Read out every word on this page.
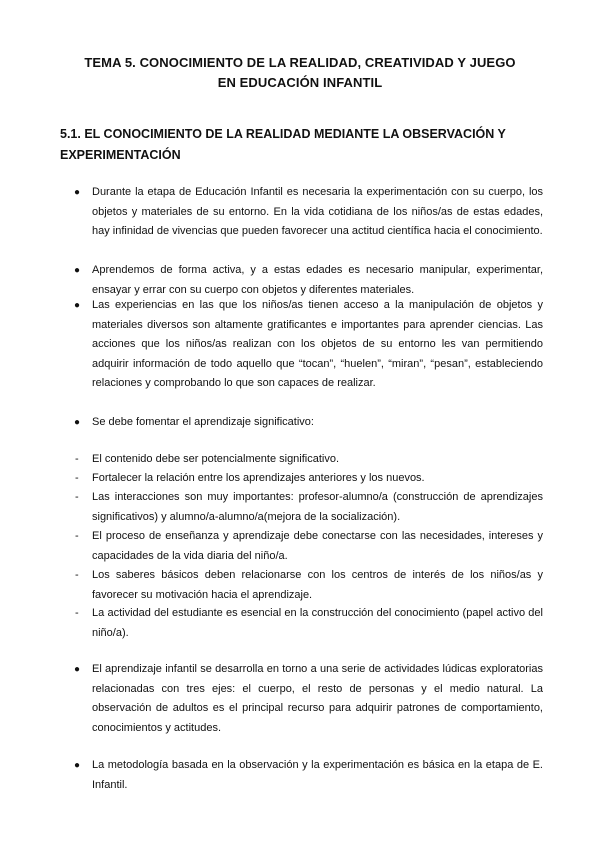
TEMA 5. CONOCIMIENTO DE LA REALIDAD, CREATIVIDAD Y JUEGO
EN EDUCACIÓN INFANTIL
5.1. EL CONOCIMIENTO DE LA REALIDAD MEDIANTE LA OBSERVACIÓN Y EXPERIMENTACIÓN
●	Durante la etapa de Educación Infantil es necesaria la experimentación con su cuerpo, los objetos y materiales de su entorno. En la vida cotidiana de los niños/as de estas edades, hay infinidad de vivencias que pueden favorecer una actitud científica hacia el conocimiento.
●	Aprendemos de forma activa, y a estas edades es necesario manipular, experimentar, ensayar y errar con su cuerpo con objetos y diferentes materiales.
●	Las experiencias en las que los niños/as tienen acceso a la manipulación de objetos y materiales diversos son altamente gratificantes e importantes para aprender ciencias. Las acciones que los niños/as realizan con los objetos de su entorno les van permitiendo adquirir información de todo aquello que “tocan”, “huelen”, “miran”, “pesan”, estableciendo relaciones y comprobando lo que son capaces de realizar.
●	Se debe fomentar el aprendizaje significativo:
-	El contenido debe ser potencialmente significativo.
-	Fortalecer la relación entre los aprendizajes anteriores y los nuevos.
-	Las interacciones son muy importantes: profesor-alumno/a (construcción de aprendizajes significativos) y alumno/a-alumno/a(mejora de la socialización).
-	El proceso de enseñanza y aprendizaje debe conectarse con las necesidades, intereses y capacidades de la vida diaria del niño/a.
-	Los saberes básicos deben relacionarse con los centros de interés de los niños/as y favorecer su motivación hacia el aprendizaje.
-	La actividad del estudiante es esencial en la construcción del conocimiento (papel activo del niño/a).
●	El aprendizaje infantil se desarrolla en torno a una serie de actividades lúdicas exploratorias relacionadas con tres ejes: el cuerpo, el resto de personas y el medio natural. La observación de adultos es el principal recurso para adquirir patrones de comportamiento, conocimientos y actitudes.
●	La metodología basada en la observación y la experimentación es básica en la etapa de E. Infantil.
